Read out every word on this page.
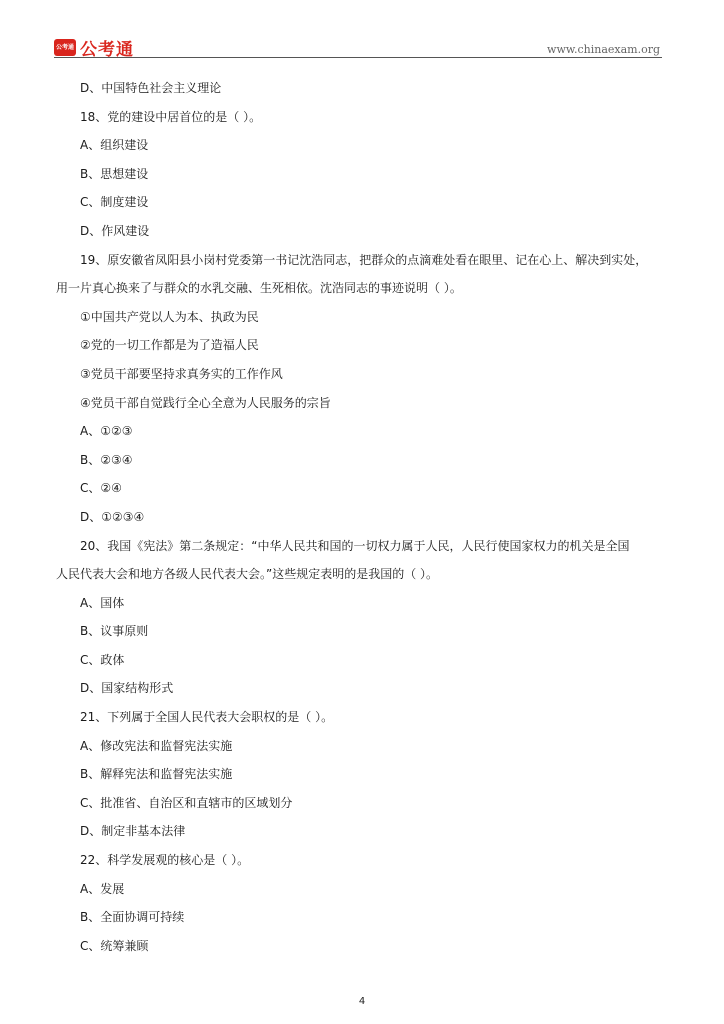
公考通 公考通	www.chinaexam.org
D、中国特色社会主义理论
18、党的建设中居首位的是（ ）。
A、组织建设
B、思想建设
C、制度建设
D、作风建设
19、原安徽省凤阳县小岗村党委第一书记沈浩同志，把群众的点滴难处看在眼里、记在心上、解决到实处，
用一片真心换来了与群众的水乳交融、生死相依。沈浩同志的事迹说明（ ）。
①中国共产党以人为本、执政为民
②党的一切工作都是为了造福人民
③党员干部要坚持求真务实的工作作风
④党员干部自觉践行全心全意为人民服务的宗旨
A、①②③
B、②③④
C、②④
D、①②③④
20、我国《宪法》第二条规定：“中华人民共和国的一切权力属于人民，人民行使国家权力的机关是全国
人民代表大会和地方各级人民代表大会。”这些规定表明的是我国的（ ）。
A、国体
B、议事原则
C、政体
D、国家结构形式
21、下列属于全国人民代表大会职权的是（ ）。
A、修改宪法和监督宪法实施
B、解释宪法和监督宪法实施
C、批准省、自治区和直辖市的区域划分
D、制定非基本法律
22、科学发展观的核心是（ ）。
A、发展
B、全面协调可持续
C、统筹兼顾
4
